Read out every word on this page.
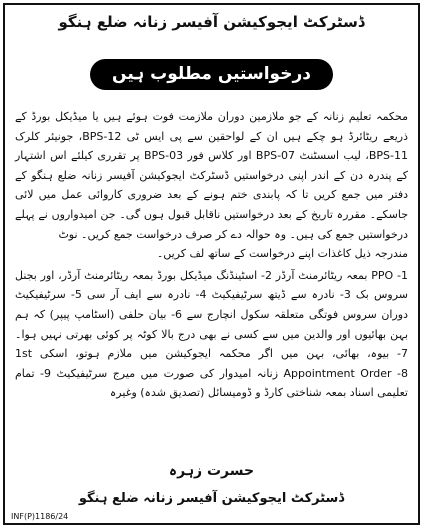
ڈسٹرکٹ ایجوکیشن آفیسر زنانہ ضلع ہنگو
درخواستیں مطلوب ہیں

محکمہ تعلیم زنانہ کے جو ملازمین دوران ملازمت فوت ہوئے ہیں یا میڈیکل بورڈ کے ذریعے ریٹائرڈ ہو چکے ہیں ان کے لواحقین سے پی ایس ٹی BPS-12، جونیئر کلرک BPS-11، لیب اسسٹنٹ BPS-07 اور کلاس فور BPS-03 پر تقرری کیلئے اس اشتہار کے پندرہ دن کے اندر اپنی درخواستیں ڈسٹرکٹ ایجوکیشن آفیسر زنانہ ضلع ہنگو کے دفتر میں جمع کریں تا کہ پابندی ختم ہونے کے بعد ضروری کاروائی عمل میں لائی جاسکے۔ مقررہ تاریخ کے بعد درخواستیں ناقابل قبول ہوں گی۔ جن امیدواروں نے پہلے درخواستیں جمع کی ہیں۔ وہ حوالہ دے کر صرف درخواست جمع کریں۔ نوٹ

مندرجہ ذیل کاغذات اپنے درخواست کے ساتھ لف کریں۔

1- PPO بمعہ ریٹائرمنٹ آرڈر 2- اسٹینڈنگ میڈیکل بورڈ بمعہ ریٹائرمنٹ آرڈر، اور بجنل سروس بک 3- نادرہ سے ڈیتھ سرٹیفیکیٹ 4- نادرہ سے ایف آر سی 5- سرٹیفیکیٹ دوران سروس فوتگی متعلقہ سکول انچارج سے 6- بیان حلفی (اسٹامپ پیپر) کہ ہم بہن بھائیوں اور والدین میں سے کسی نے بھی درج بالا کوٹہ پر کوئی بھرتی نہیں ہوا۔ 7- بیوہ، بھائی، بہن میں اگر محکمہ ایجوکیشن میں ملازم ہوتو، اسکی 1st Appointment Order -8 زنانہ امیدوار کی صورت میں میرج سرٹیفیکیٹ 9- تمام تعلیمی اسناد بمعہ شناختی کارڈ و ڈومیسائل (تصدیق شدہ) وغیرہ

حسرت زہرہ
ڈسٹرکٹ ایجوکیشن آفیسر زنانہ ضلع ہنگو
INF(P)1186/24
